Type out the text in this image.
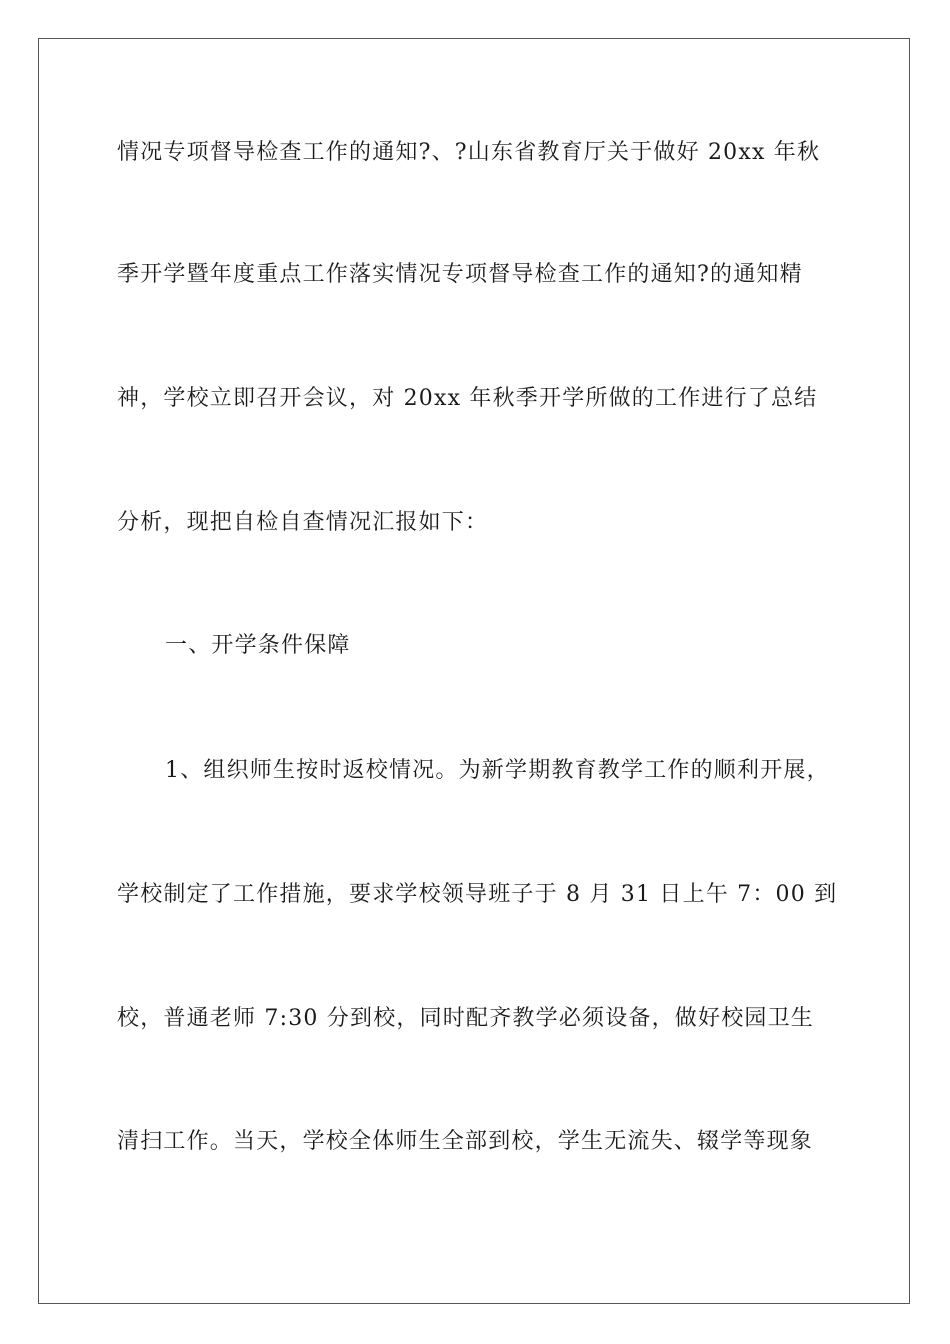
情况专项督导检查工作的通知?、?山东省教育厅关于做好 20xx 年秋
季开学暨年度重点工作落实情况专项督导检查工作的通知?的通知精
神，学校立即召开会议，对 20xx 年秋季开学所做的工作进行了总结
分析，现把自检自查情况汇报如下：
一、开学条件保障
1、组织师生按时返校情况。为新学期教育教学工作的顺利开展，
学校制定了工作措施，要求学校领导班子于 8 月 31 日上午 7：00 到
校，普通老师 7:30 分到校，同时配齐教学必须设备，做好校园卫生
清扫工作。当天，学校全体师生全部到校，学生无流失、辍学等现象
